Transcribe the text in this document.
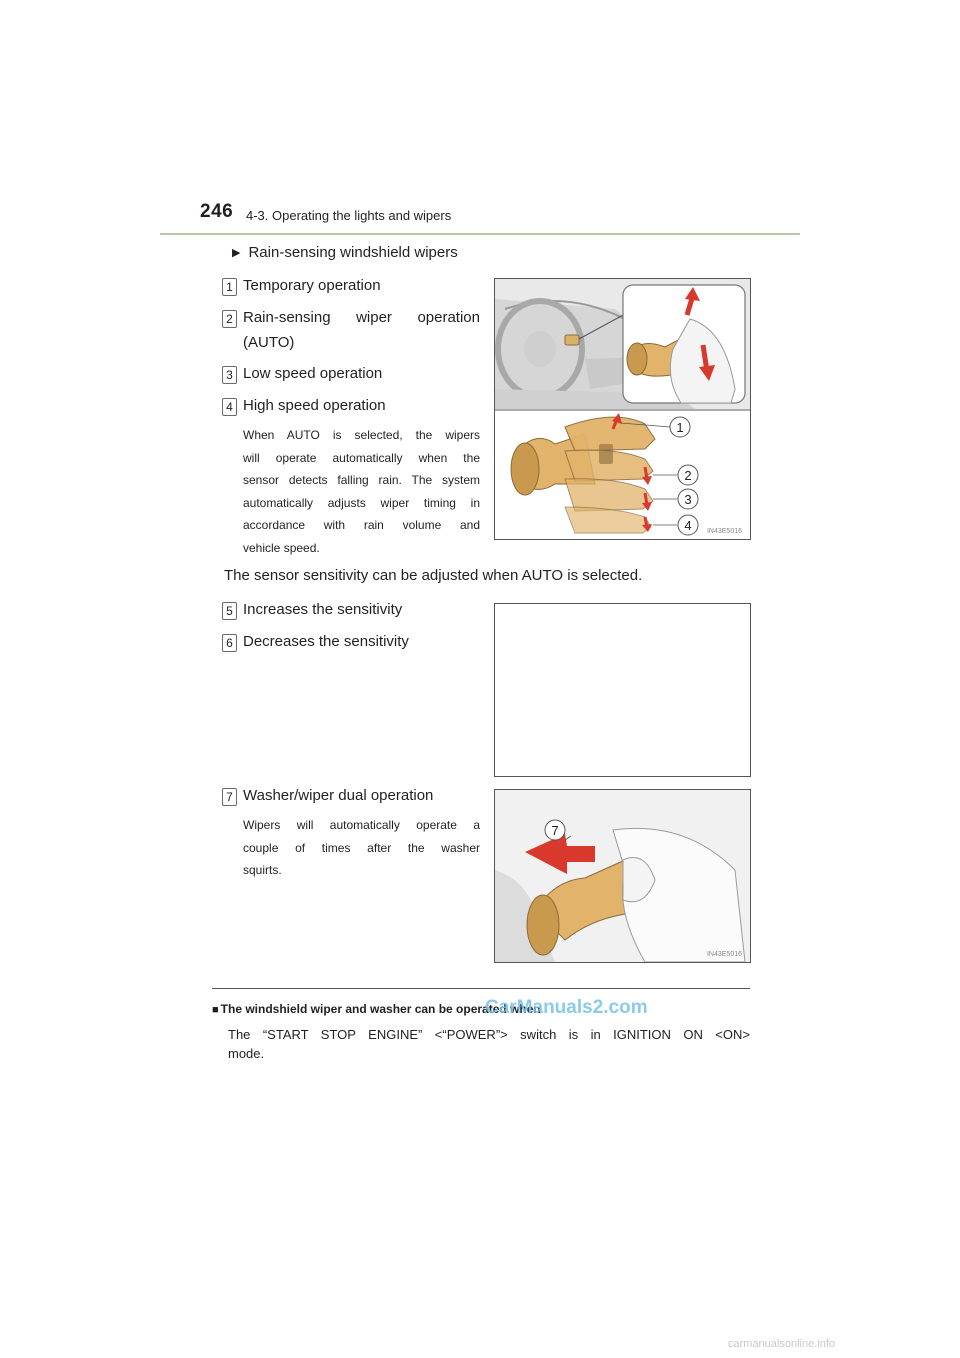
246 4-3. Operating the lights and wipers
▶ Rain-sensing windshield wipers
1 Temporary operation
2 Rain-sensing wiper operation
(AUTO)
3 Low speed operation
4 High speed operation
When AUTO is selected, the wipers
will operate automatically when the
sensor detects falling rain. The system
automatically adjusts wiper timing in
accordance with rain volume and
vehicle speed.
1
2
3
4 IN43E5016
The sensor sensitivity can be adjusted when AUTO is selected.
5 Increases the sensitivity
6 Decreases the sensitivity
7 Washer/wiper dual operation
Wipers will automatically operate a
couple of times after the washer
squirts.
7
IN43E5016
■ The windshield wiper and washer can be operated when
The “START STOP ENGINE” <“POWER”> switch is in IGNITION ON <ON>
mode.
CarManuals2.com
carmanualsonline.info
